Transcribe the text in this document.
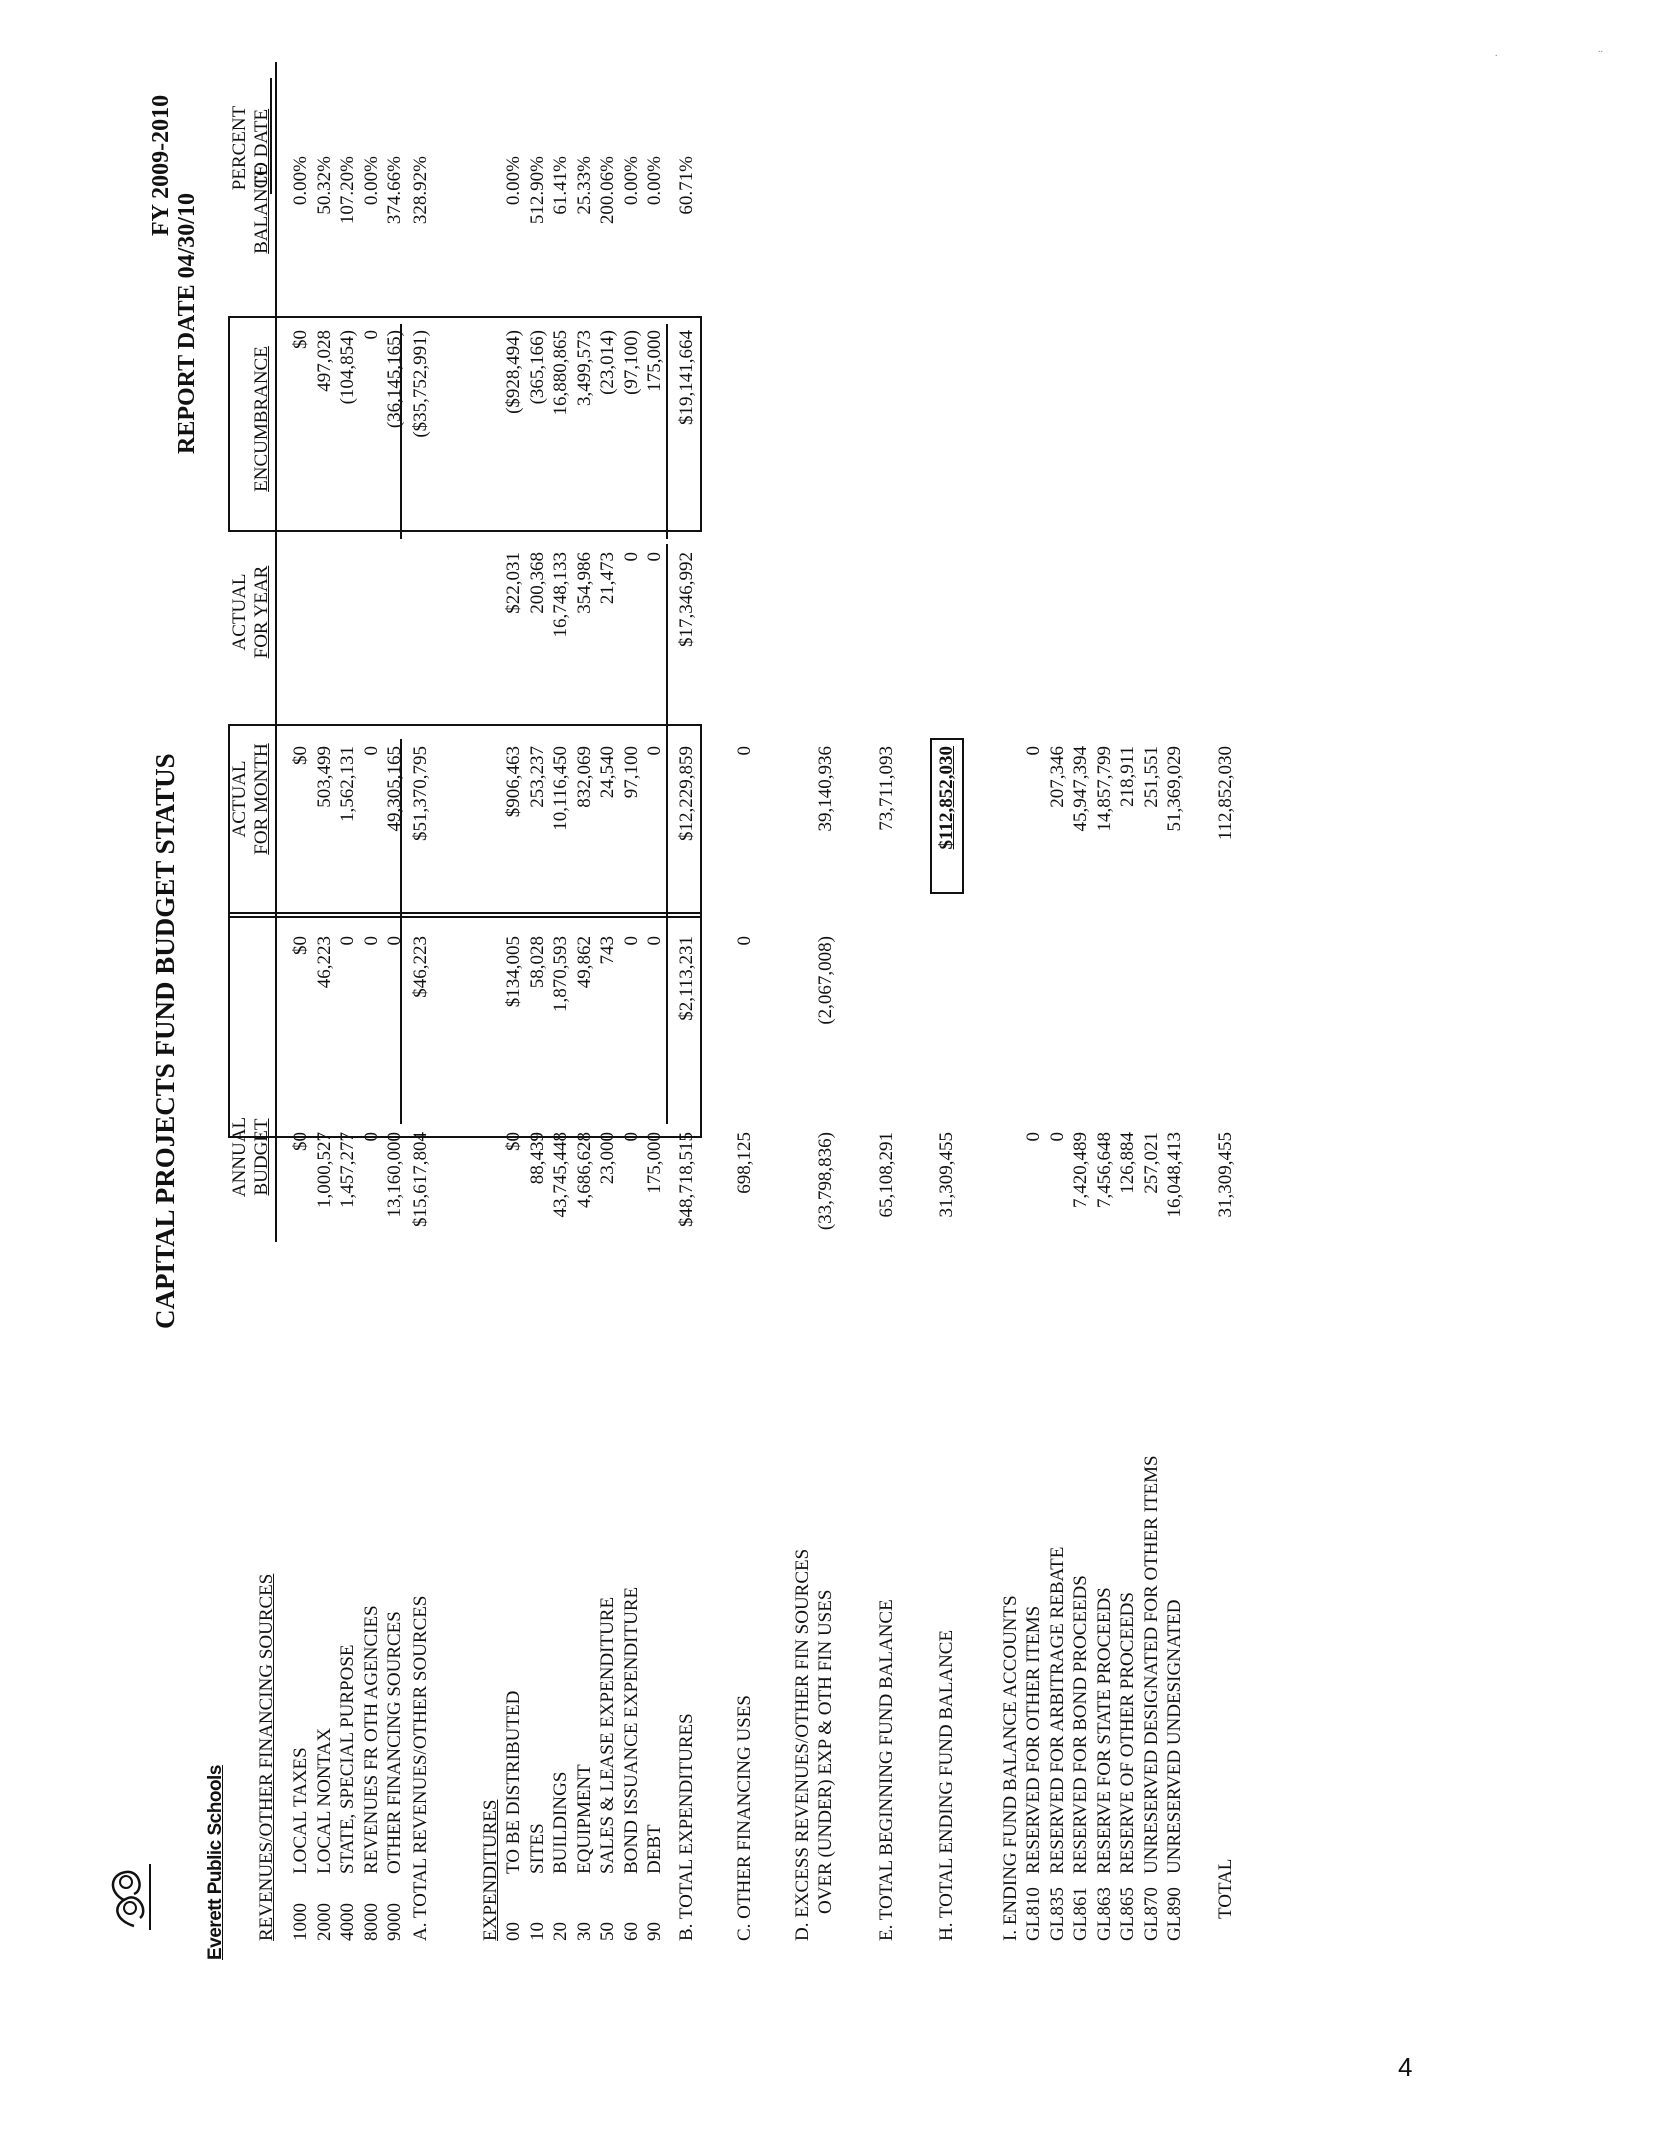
4
.	..
Everett Public Schools
CAPITAL PROJECTS FUND BUDGET STATUS
FY 2009-2010
REPORT DATE 04/30/10
ANNUAL BUDGET
ACTUAL FOR MONTH
ACTUAL FOR YEAR
ENCUMBRANCE
BALANCE
REVENUES/OTHER FINANCING SOURCES
PERCENT TO DATE
1000
LOCAL TAXES
$0
$0
$0
$0
0.00%
2000
LOCAL NONTAX
1,000,527
46,223
503,499
497,028
50.32%
4000
STATE, SPECIAL PURPOSE
1,457,277
0
1,562,131
(104,854)
107.20%
8000
REVENUES FR OTH AGENCIES
0
0
0
0
0.00%
9000
OTHER FINANCING SOURCES
13,160,000
0
49,305,165
(36,145,165)
374.66%
A. TOTAL REVENUES/OTHER SOURCES
$15,617,804
$46,223
$51,370,795
($35,752,991)
328.92%
EXPENDITURES 00
TO BE DISTRIBUTED
$0
$134,005
$906,463
$22,031
($928,494)
0.00%
10
SITES
88,439
58,028
253,237
200,368
(365,166)
512.90%
20
BUILDINGS
43,745,448
1,870,593
10,116,450
16,748,133
16,880,865
61.41%
30
EQUIPMENT
4,686,628
49,862
832,069
354,986
3,499,573
25.33%
50
SALES & LEASE EXPENDITURE
23,000
743
24,540
21,473
(23,014)
200.06%
60
BOND ISSUANCE EXPENDITURE
0
0
97,100
0
(97,100)
0.00%
90
DEBT
175,000
0
0
0
175,000
0.00%
B. TOTAL EXPENDITURES
$48,718,515
$2,113,231
$12,229,859
$17,346,992
$19,141,664
60.71%
C. OTHER FINANCING USES
698,125
0
0
D. EXCESS REVENUES/OTHER FIN SOURCES OVER (UNDER) EXP & OTH FIN USES
(33,798,836)
(2,067,008)
39,140,936
E. TOTAL BEGINNING FUND BALANCE
65,108,291
73,711,093
H. TOTAL ENDING FUND BALANCE
31,309,455
$112,852,030
I. ENDING FUND BALANCE ACCOUNTS GL810
RESERVED FOR OTHER ITEMS
0
0
GL835
RESERVED FOR ARBITRAGE REBATE
0
207,346
GL861
RESERVED FOR BOND PROCEEDS
7,420,489
45,947,394
GL863
RESERVE FOR STATE PROCEEDS
7,456,648
14,857,799
GL865
RESERVE OF OTHER PROCEEDS
126,884
218,911
GL870
UNRESERVED DESIGNATED FOR OTHER ITEMS
257,021
251,551
GL890
UNRESERVED UNDESIGNATED
16,048,413
51,369,029
TOTAL
31,309,455
112,852,030
